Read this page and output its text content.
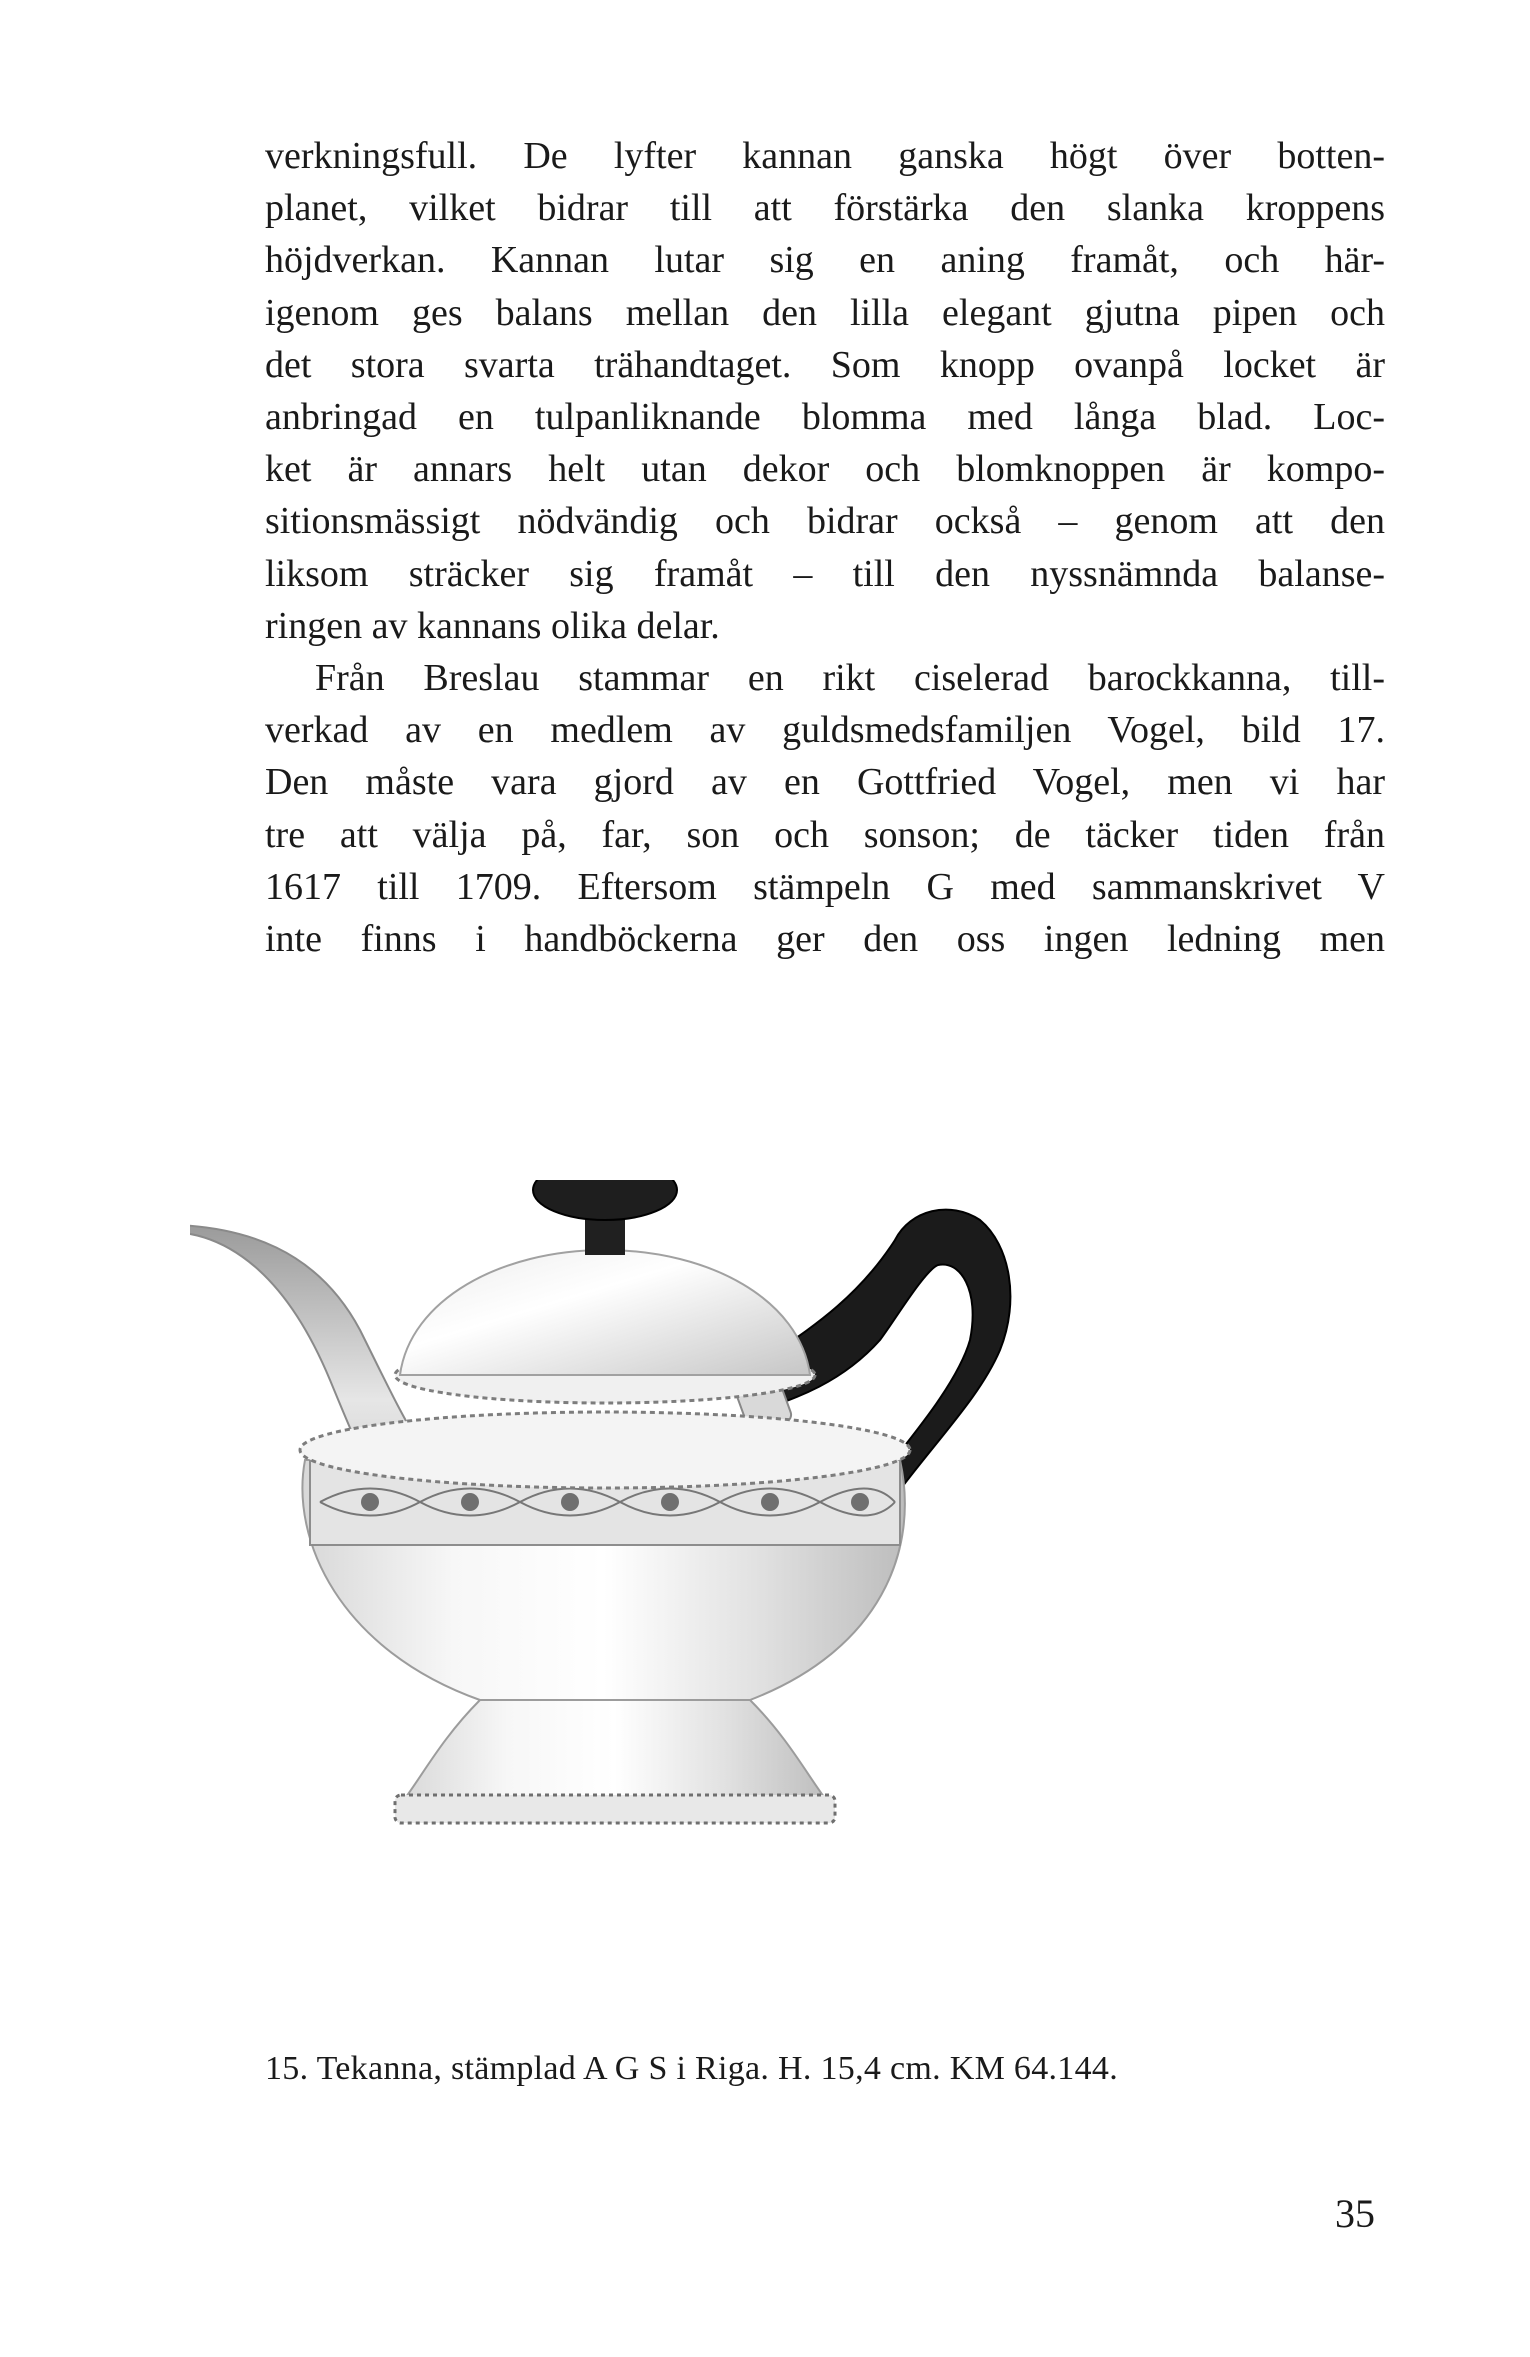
verkningsfull. De lyfter kannan ganska högt över botten-
planet, vilket bidrar till att förstärka den slanka kroppens
höjdverkan. Kannan lutar sig en aning framåt, och här-
igenom ges balans mellan den lilla elegant gjutna pipen och
det stora svarta trähandtaget. Som knopp ovanpå locket är
anbringad en tulpanliknande blomma med långa blad. Loc-
ket är annars helt utan dekor och blomknoppen är kompo-
sitionsmässigt nödvändig och bidrar också – genom att den
liksom sträcker sig framåt – till den nyssnämnda balanse-
ringen av kannans olika delar.
Från Breslau stammar en rikt ciselerad barockkanna, till-
verkad av en medlem av guldsmedsfamiljen Vogel, bild 17.
Den måste vara gjord av en Gottfried Vogel, men vi har
tre att välja på, far, son och sonson; de täcker tiden från
1617 till 1709. Eftersom stämpeln G med sammanskrivet V
inte finns i handböckerna ger den oss ingen ledning men
15. Tekanna, stämplad A G S i Riga. H. 15,4 cm. KM 64.144.
35
